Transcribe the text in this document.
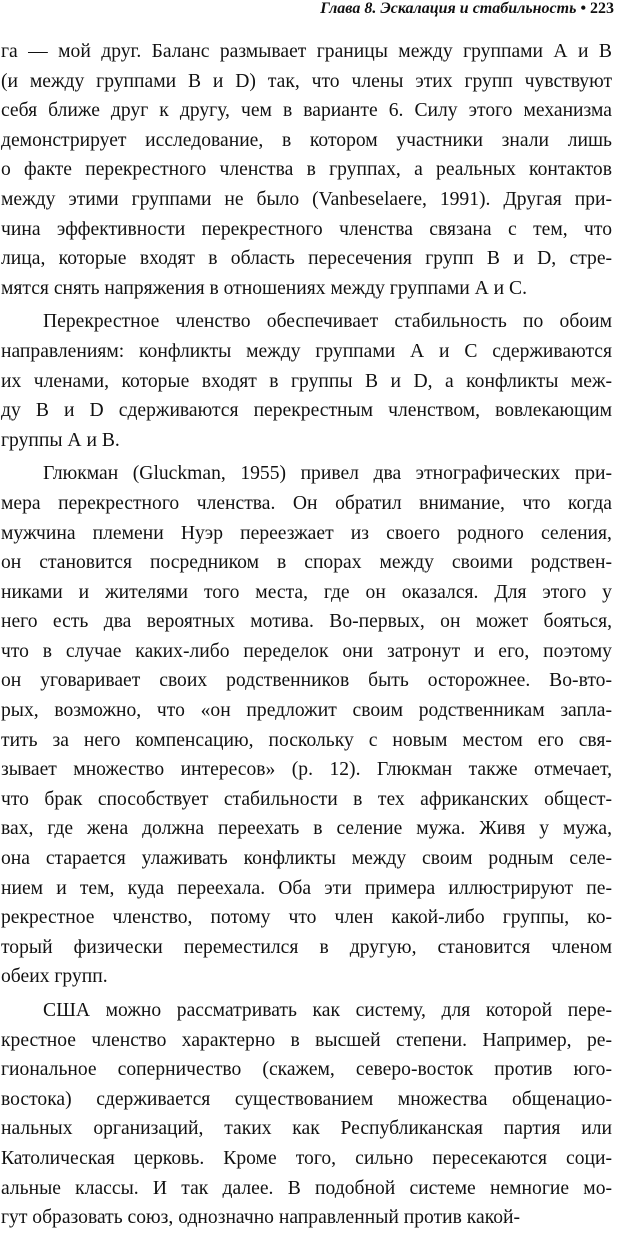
Глава 8. Эскалация и стабильность • 223
га — мой друг. Баланс размывает границы между группами А и В
(и между группами В и D) так, что члены этих групп чувствуют
себя ближе друг к другу, чем в варианте 6. Силу этого механизма
демонстрирует исследование, в котором участники знали лишь
о факте перекрестного членства в группах, а реальных контактов
между этими группами не было (Vanbeselaere, 1991). Другая при-
чина эффективности перекрестного членства связана с тем, что
лица, которые входят в область пересечения групп В и D, стре-
мятся снять напряжения в отношениях между группами А и С.
Перекрестное членство обеспечивает стабильность по обоим
направлениям: конфликты между группами А и С сдерживаются
их членами, которые входят в группы В и D, а конфликты меж-
ду В и D сдерживаются перекрестным членством, вовлекающим
группы А и В.
Глюкман (Gluckman, 1955) привел два этнографических при-
мера перекрестного членства. Он обратил внимание, что когда
мужчина племени Нуэр переезжает из своего родного селения,
он становится посредником в спорах между своими родствен-
никами и жителями того места, где он оказался. Для этого у
него есть два вероятных мотива. Во-первых, он может бояться,
что в случае каких-либо переделок они затронут и его, поэтому
он уговаривает своих родственников быть осторожнее. Во-вто-
рых, возможно, что «он предложит своим родственникам запла-
тить за него компенсацию, поскольку с новым местом его свя-
зывает множество интересов» (р. 12). Глюкман также отмечает,
что брак способствует стабильности в тех африканских общест-
вах, где жена должна переехать в селение мужа. Живя у мужа,
она старается улаживать конфликты между своим родным селе-
нием и тем, куда переехала. Оба эти примера иллюстрируют пе-
рекрестное членство, потому что член какой-либо группы, ко-
торый физически переместился в другую, становится членом
обеих групп.
США можно рассматривать как систему, для которой пере-
крестное членство характерно в высшей степени. Например, ре-
гиональное соперничество (скажем, северо-восток против юго-
востока) сдерживается существованием множества общенацио-
нальных организаций, таких как Республиканская партия или
Католическая церковь. Кроме того, сильно пересекаются соци-
альные классы. И так далее. В подобной системе немногие мо-
гут образовать союз, однозначно направленный против какой-
